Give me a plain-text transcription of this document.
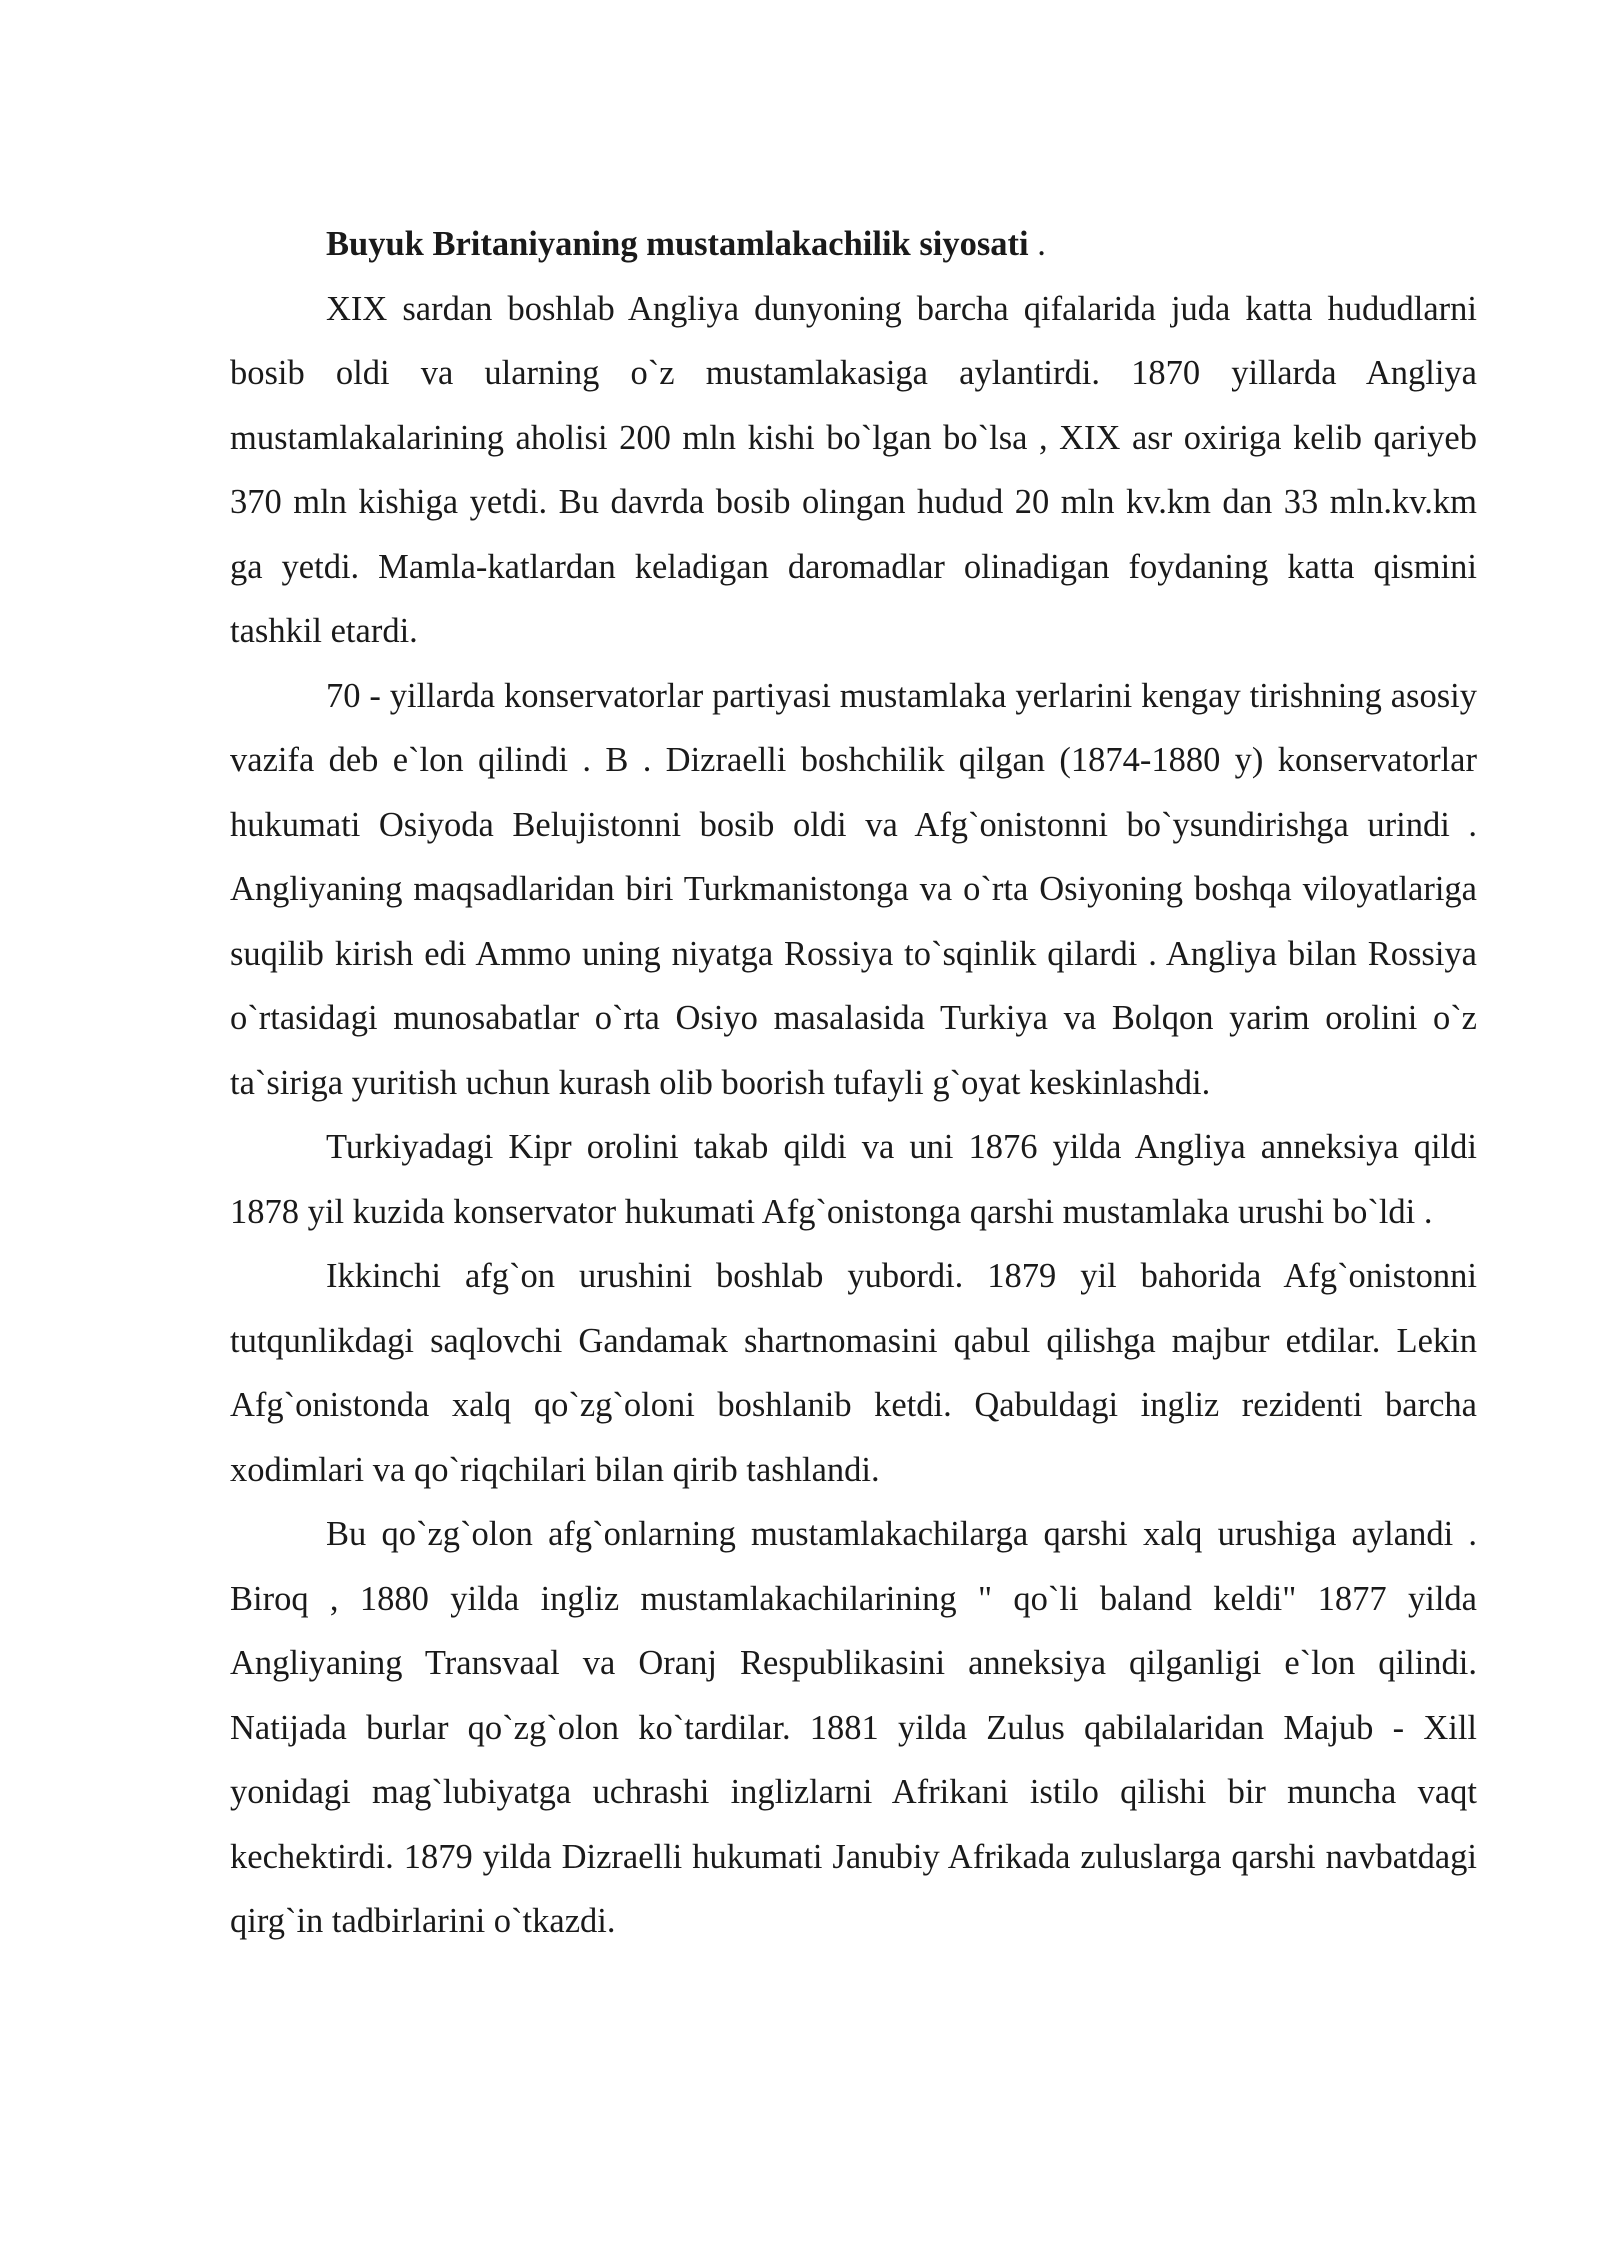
Buyuk Britaniyaning mustamlakachilik siyosati .

XIX sardan boshlab Angliya dunyoning barcha qifalarida juda katta hududlarni bosib oldi va ularning o`z mustamlakasiga aylantirdi. 1870 yillarda Angliya mustamlakalarining aholisi 200 mln kishi bo`lgan bo`lsa , XIX asr oxiriga kelib qariyeb 370 mln kishiga yetdi. Bu davrda bosib olingan hudud 20 mln kv.km dan 33 mln.kv.km ga yetdi. Mamla-katlardan keladigan daromadlar olinadigan foydaning katta qismini tashkil etardi.

70 - yillarda konservatorlar partiyasi mustamlaka yerlarini kengay tirishning asosiy vazifa deb e`lon qilindi . B . Dizraelli boshchilik qilgan (1874-1880 y) konservatorlar hukumati Osiyoda Belujistonni bosib oldi va Afg`onistonni bo`ysundirishga urindi . Angliyaning maqsadlaridan biri Turkmanistonga va o`rta Osiyoning boshqa viloyatlariga suqilib kirish edi Ammo uning niyatga Rossiya to`sqinlik qilardi . Angliya bilan Rossiya o`rtasidagi munosabatlar o`rta Osiyo masalasida Turkiya va Bolqon yarim orolini o`z ta`siriga yuritish uchun kurash olib boorish tufayli g`oyat keskinlashdi.

Turkiyadagi Kipr orolini takab qildi va uni 1876 yilda Angliya anneksiya qildi 1878 yil kuzida konservator hukumati Afg`onistonga qarshi mustamlaka urushi bo`ldi .

Ikkinchi afg`on urushini boshlab yubordi. 1879 yil bahorida Afg`onistonni tutqunlikdagi saqlovchi Gandamak shartnomasini qabul qilishga majbur etdilar. Lekin Afg`onistonda xalq qo`zg`oloni boshlanib ketdi. Qabuldagi ingliz rezidenti barcha xodimlari va qo`riqchilari bilan qirib tashlandi.

Bu qo`zg`olon afg`onlarning mustamlakachilarga qarshi xalq urushiga aylandi . Biroq , 1880 yilda ingliz mustamlakachilarining " qo`li baland keldi" 1877 yilda Angliyaning Transvaal va Oranj Respublikasini anneksiya qilganligi e`lon qilindi. Natijada burlar qo`zg`olon ko`tardilar. 1881 yilda Zulus qabilalaridan Majub - Xill yonidagi mag`lubiyatga uchrashi inglizlarni Afrikani istilo qilishi bir muncha vaqt kechektirdi. 1879 yilda Dizraelli hukumati Janubiy Afrikada zuluslarga qarshi navbatdagi qirg`in tadbirlarini o`tkazdi.
